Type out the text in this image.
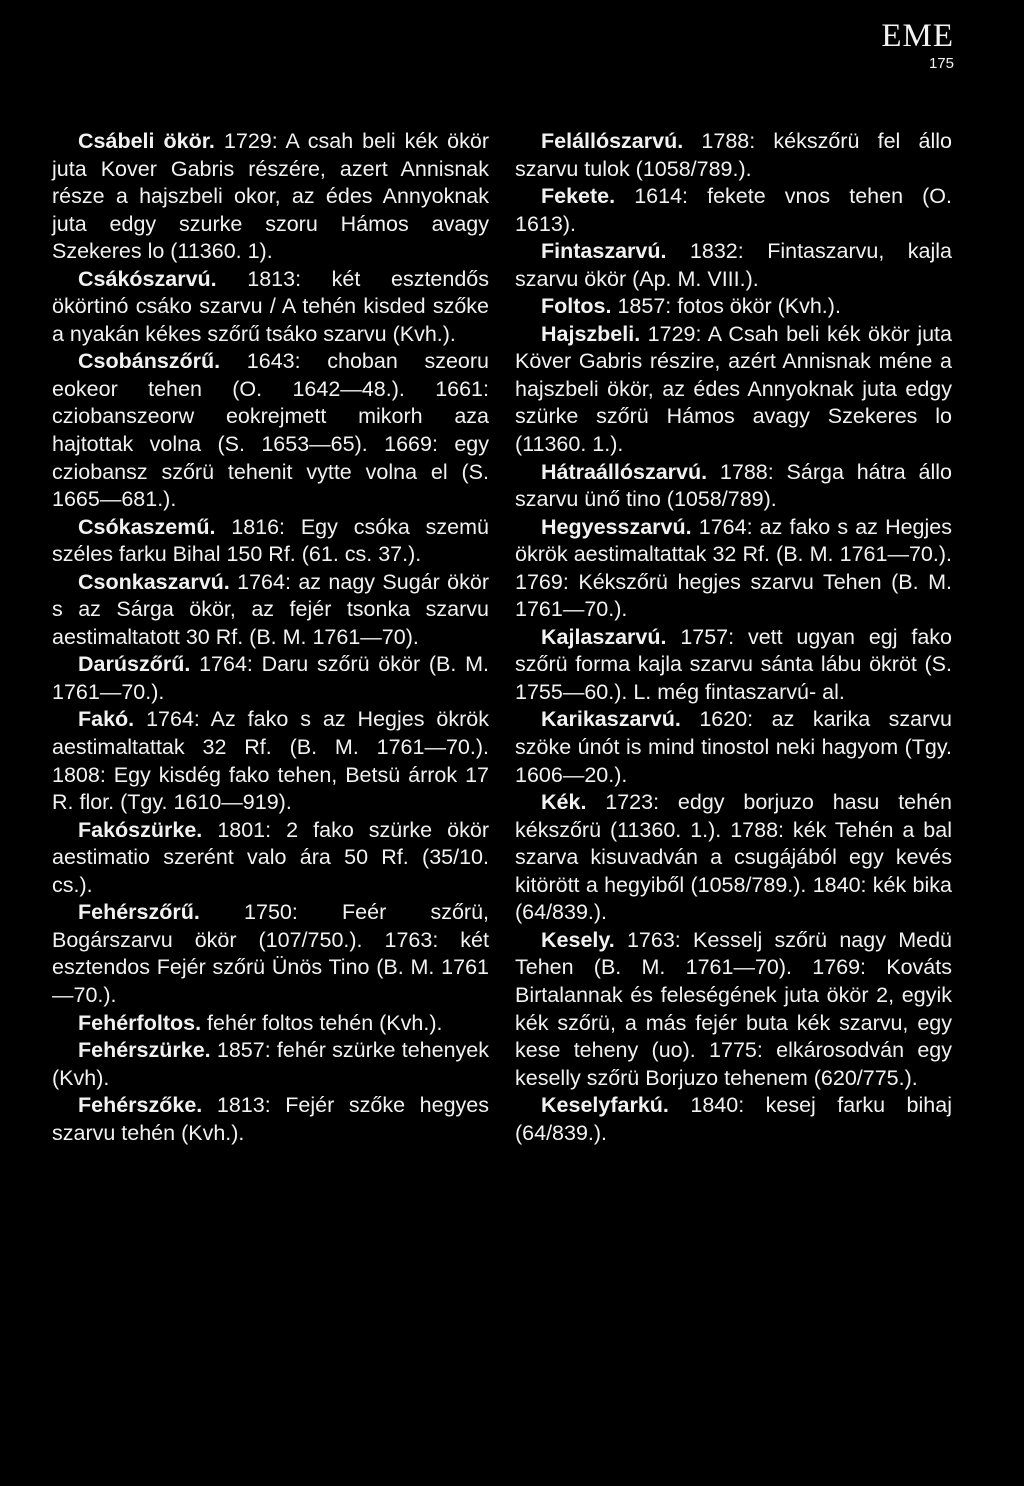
EME
175

Csábeli ökör. 1729: A csah beli kék ökör juta Kover Gabris részére, azert Annisnak része a hajszbeli okor, az édes Annyoknak juta edgy szurke szoru Hámos avagy Szekeres lo (11360. 1).

Csákószarvú. 1813: két esztendős ökörtinó csáko szarvu / A tehén kisded szőke a nyakán kékes szőrű tsáko szarvu (Kvh.).

Csobánszőrű. 1643: choban szeoru eokeor tehen (O. 1642—48.). 1661: cziobanszeorw eokrejmett mikorh aza hajtottak volna (S. 1653—65). 1669: egy cziobansz szőrü tehenit vytte volna el (S. 1665—681.).

Csókaszemű. 1816: Egy csóka szemü széles farku Bihal 150 Rf. (61. cs. 37.).

Csonkaszarvú. 1764: az nagy Sugár ökör s az Sárga ökör, az fejér tsonka szarvu aestimaltatott 30 Rf. (B. M. 1761—70).

Darúszőrű. 1764: Daru szőrü ökör (B. M. 1761—70.).

Fakó. 1764: Az fako s az Hegjes ökrök aestimaltattak 32 Rf. (B. M. 1761—70.). 1808: Egy kisdég fako tehen, Betsü árrok 17 R. flor. (Tgy. 1610—919).

Fakószürke. 1801: 2 fako szürke ökör aestimatio szerént valo ára 50 Rf. (35/10. cs.).

Fehérszőrű. 1750: Feér szőrü, Bogárszarvu ökör (107/750.). 1763: két esztendos Fejér szőrü Ünös Tino (B. M. 1761—70.).

Fehérfoltos. fehér foltos tehén (Kvh.).

Fehérszürke. 1857: fehér szürke tehenyek (Kvh).

Fehérszőke. 1813: Fejér szőke hegyes szarvu tehén (Kvh.).

Felállószarvú. 1788: kékszőrü fel állo szarvu tulok (1058/789.).

Fekete. 1614: fekete vnos tehen (O. 1613).

Fintaszarvú. 1832: Fintaszarvu, kajla szarvu ökör (Ap. M. VIII.).

Foltos. 1857: fotos ökör (Kvh.).

Hajszbeli. 1729: A Csah beli kék ökör juta Köver Gabris részire, azért Annisnak méne a hajszbeli ökör, az édes Annyoknak juta edgy szürke szőrü Hámos avagy Szekeres lo (11360. 1.).

Hátraállószarvú. 1788: Sárga hátra állo szarvu ünő tino (1058/789).

Hegyesszarvú. 1764: az fako s az Hegjes ökrök aestimaltattak 32 Rf. (B. M. 1761—70.). 1769: Kékszőrü hegjes szarvu Tehen (B. M. 1761—70.).

Kajlaszarvú. 1757: vett ugyan egj fako szőrü forma kajla szarvu sánta lábu ökröt (S. 1755—60.). L. még fintaszarvú- al.

Karikaszarvú. 1620: az karika szarvu szöke únót is mind tinostol neki hagyom (Tgy. 1606—20.).

Kék. 1723: edgy borjuzo hasu tehén kékszőrü (11360. 1.). 1788: kék Tehén a bal szarva kisuvadván a csugájából egy kevés kitörött a hegyiből (1058/789.). 1840: kék bika (64/839.).

Kesely. 1763: Kesselj szőrü nagy Medü Tehen (B. M. 1761—70). 1769: Kováts Birtalannak és feleségének juta ökör 2, egyik kék szőrü, a más fejér buta kék szarvu, egy kese teheny (uo). 1775: elkárosodván egy keselly szőrü Borjuzo tehenem (620/775.).

Keselyfarkú. 1840: kesej farku bihaj (64/839.).
